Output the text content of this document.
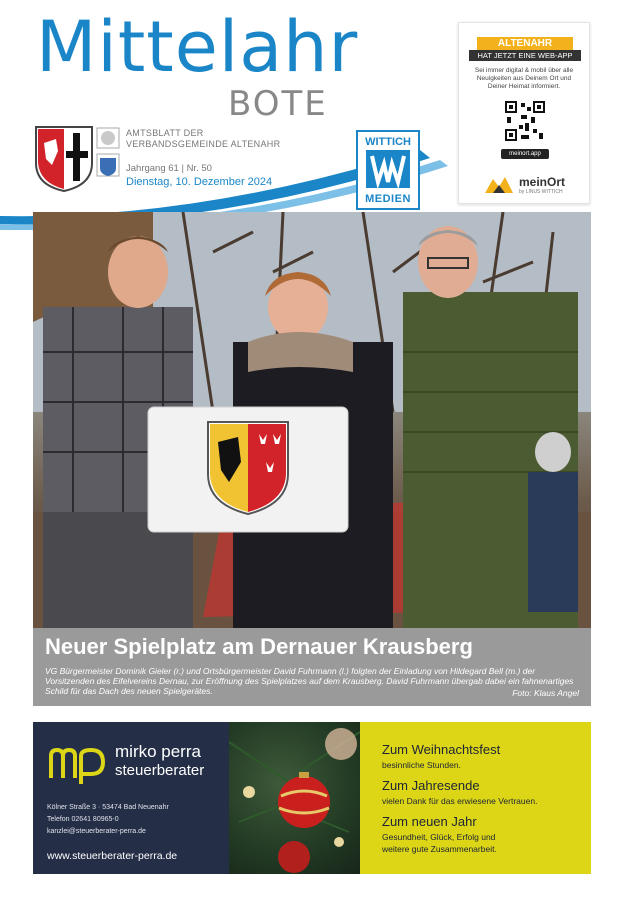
Mittelahr
BOTE
AMTSBLATT DER
VERBANDSGEMEINDE ALTENAHR
Jahrgang 61 | Nr. 50
Dienstag, 10. Dezember 2024
WITTICH
MEDIEN
ALTENAHR
HAT JETZT EINE WEB-APP
Sei immer digital & mobil über alle Neuigkeiten aus Deinem Ort und Deiner Heimat informiert.
meinort.app
meinOrt
by LINUS WITTICH
Neuer Spielplatz am Dernauer Krausberg
VG Bürgermeister Dominik Gieler (r.) und Ortsbürgermeister David Fuhrmann (l.) folgten der Einladung von Hildegard Bell (m.) der Vorsitzenden des Eifelvereins Dernau, zur Eröffnung des Spielplatzes auf dem Krausberg. David Fuhrmann übergab dabei ein fahnenartiges Schild für das Dach des neuen Spielgerätes.	Foto: Klaus Angel
mirko perra
steuerberater
Kölner Straße 3 · 53474 Bad Neuenahr
Telefon 02641 80965-0
kanzlei@steuerberater-perra.de
www.steuerberater-perra.de
Zum Weihnachtsfest
besinnliche Stunden.
Zum Jahresende
vielen Dank für das erwiesene Vertrauen.
Zum neuen Jahr
Gesundheit, Glück, Erfolg und
weitere gute Zusammenarbeit.
